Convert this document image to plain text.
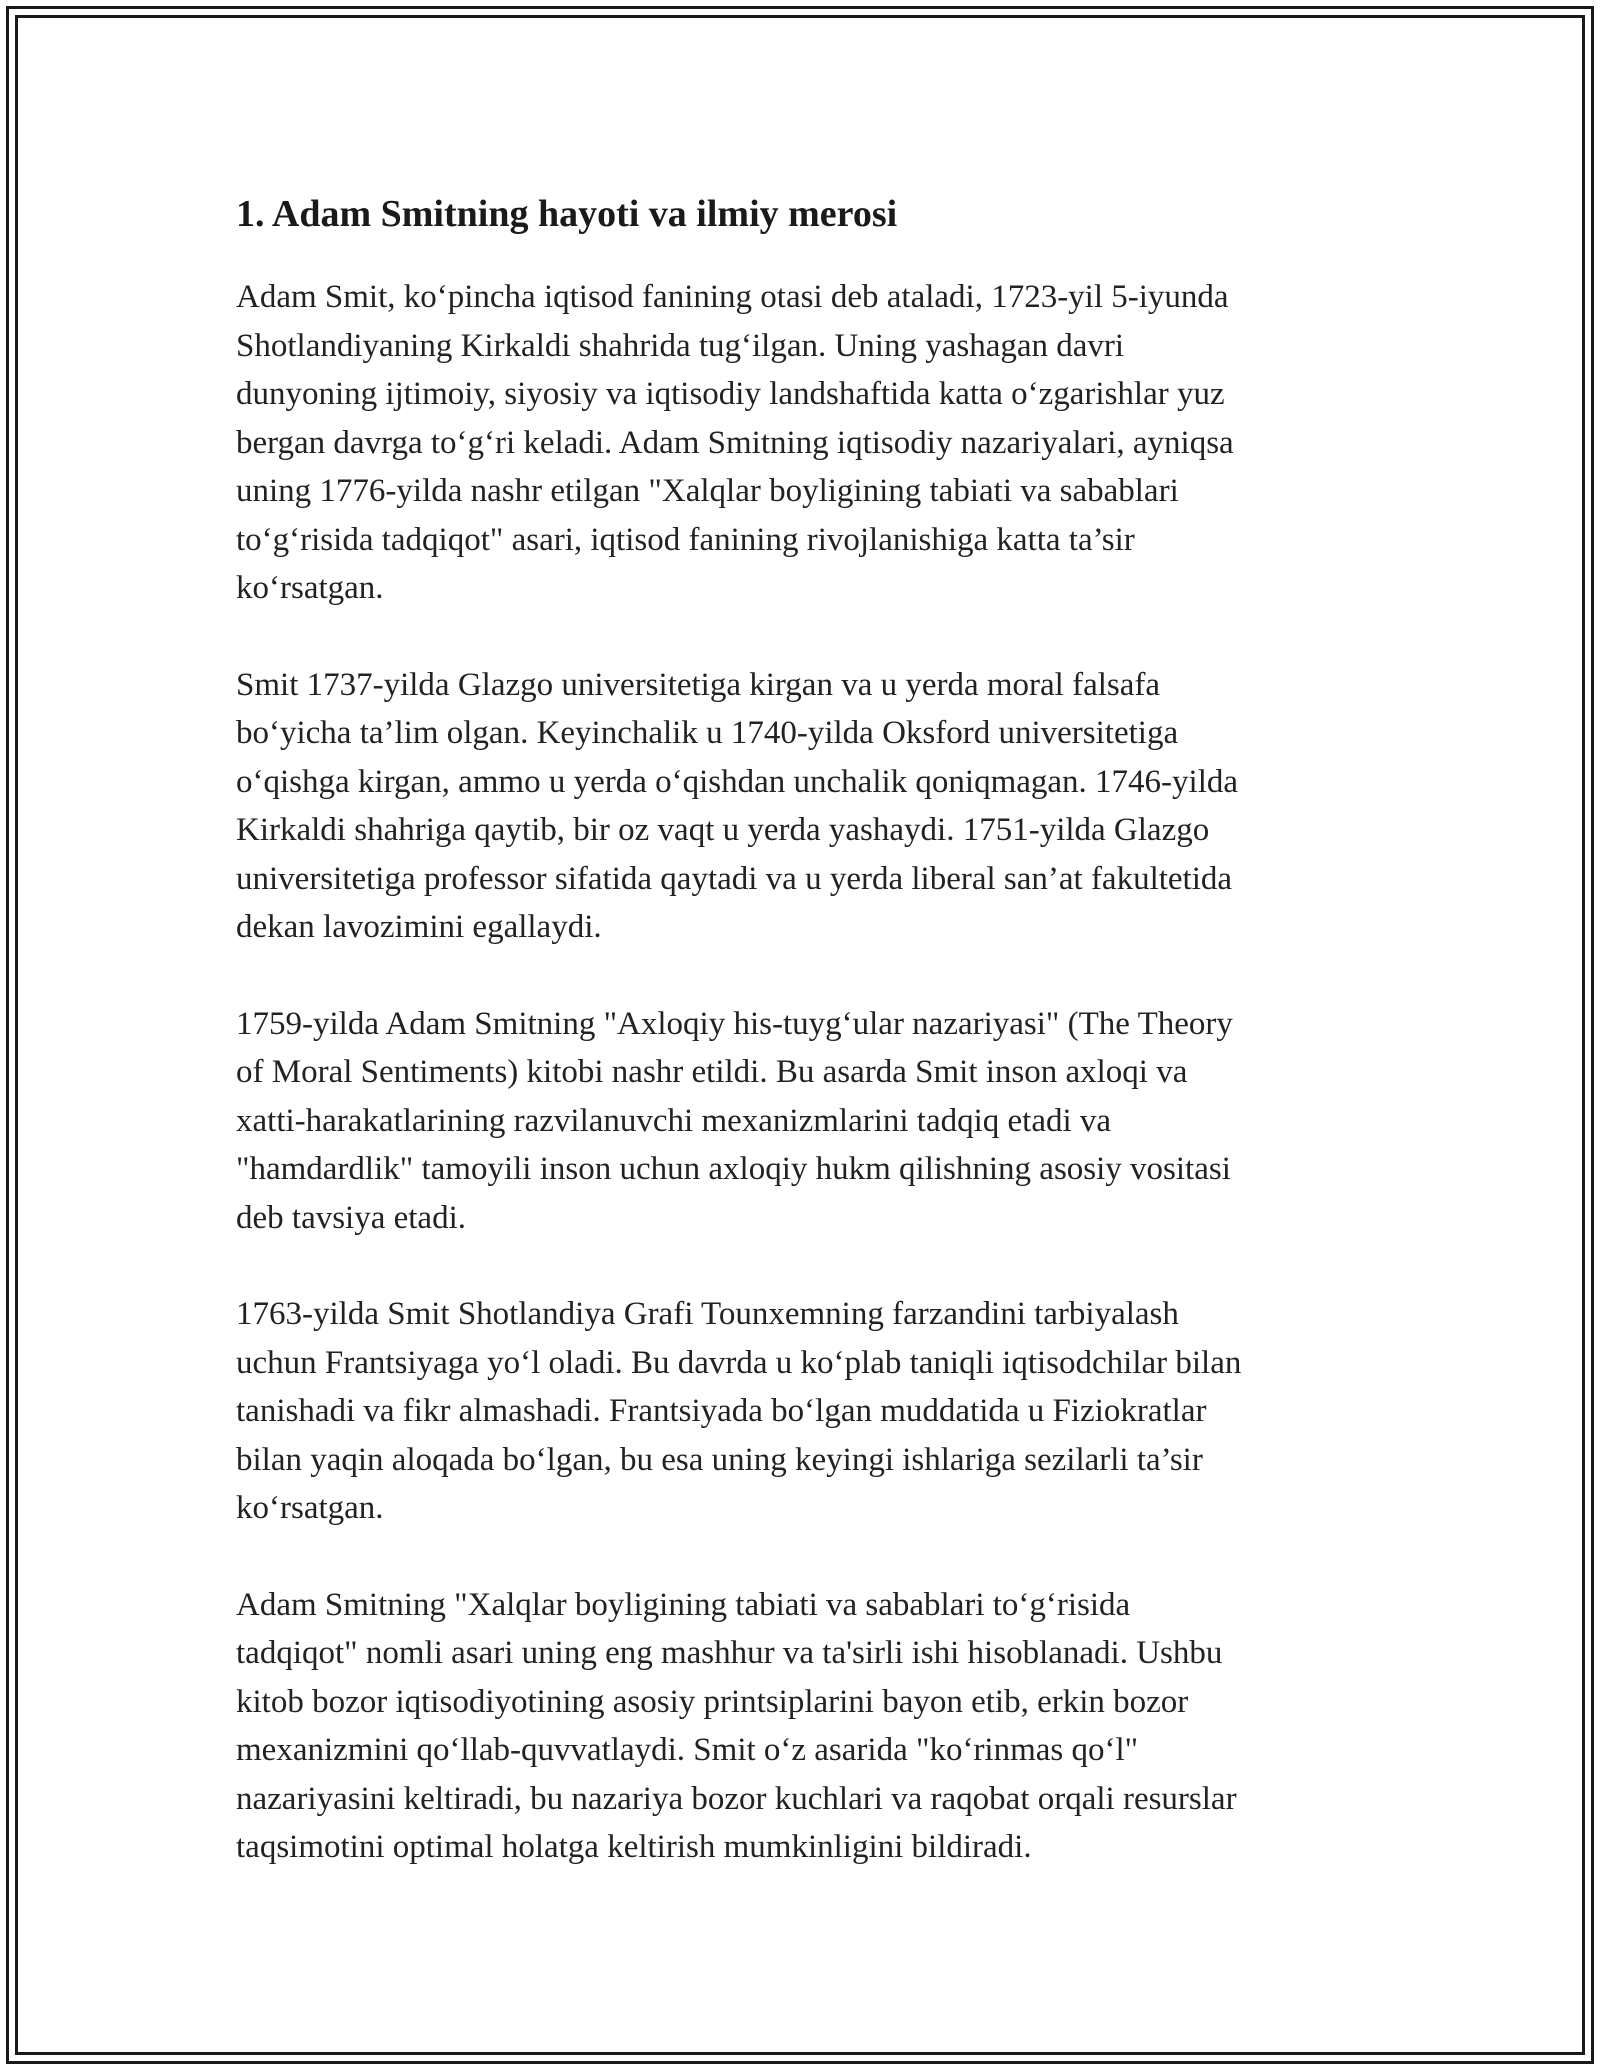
1. Adam Smitning hayoti va ilmiy merosi

Adam Smit, ko‘pincha iqtisod fanining otasi deb ataladi, 1723-yil 5-iyunda
Shotlandiyaning Kirkaldi shahrida tug‘ilgan. Uning yashagan davri
dunyoning ijtimoiy, siyosiy va iqtisodiy landshaftida katta o‘zgarishlar yuz
bergan davrga to‘g‘ri keladi. Adam Smitning iqtisodiy nazariyalari, ayniqsa
uning 1776-yilda nashr etilgan "Xalqlar boyligining tabiati va sabablari
to‘g‘risida tadqiqot" asari, iqtisod fanining rivojlanishiga katta ta’sir
ko‘rsatgan.

Smit 1737-yilda Glazgo universitetiga kirgan va u yerda moral falsafa
bo‘yicha ta’lim olgan. Keyinchalik u 1740-yilda Oksford universitetiga
o‘qishga kirgan, ammo u yerda o‘qishdan unchalik qoniqmagan. 1746-yilda
Kirkaldi shahriga qaytib, bir oz vaqt u yerda yashaydi. 1751-yilda Glazgo
universitetiga professor sifatida qaytadi va u yerda liberal san’at fakultetida
dekan lavozimini egallaydi.

1759-yilda Adam Smitning "Axloqiy his-tuyg‘ular nazariyasi" (The Theory
of Moral Sentiments) kitobi nashr etildi. Bu asarda Smit inson axloqi va
xatti-harakatlarining razvilanuvchi mexanizmlarini tadqiq etadi va
"hamdardlik" tamoyili inson uchun axloqiy hukm qilishning asosiy vositasi
deb tavsiya etadi.

1763-yilda Smit Shotlandiya Grafi Tounxemning farzandini tarbiyalash
uchun Frantsiyaga yo‘l oladi. Bu davrda u ko‘plab taniqli iqtisodchilar bilan
tanishadi va fikr almashadi. Frantsiyada bo‘lgan muddatida u Fiziokratlar
bilan yaqin aloqada bo‘lgan, bu esa uning keyingi ishlariga sezilarli ta’sir
ko‘rsatgan.

Adam Smitning "Xalqlar boyligining tabiati va sabablari to‘g‘risida
tadqiqot" nomli asari uning eng mashhur va ta'sirli ishi hisoblanadi. Ushbu
kitob bozor iqtisodiyotining asosiy printsiplarini bayon etib, erkin bozor
mexanizmini qo‘llab-quvvatlaydi. Smit o‘z asarida "ko‘rinmas qo‘l"
nazariyasini keltiradi, bu nazariya bozor kuchlari va raqobat orqali resurslar
taqsimotini optimal holatga keltirish mumkinligini bildiradi.
